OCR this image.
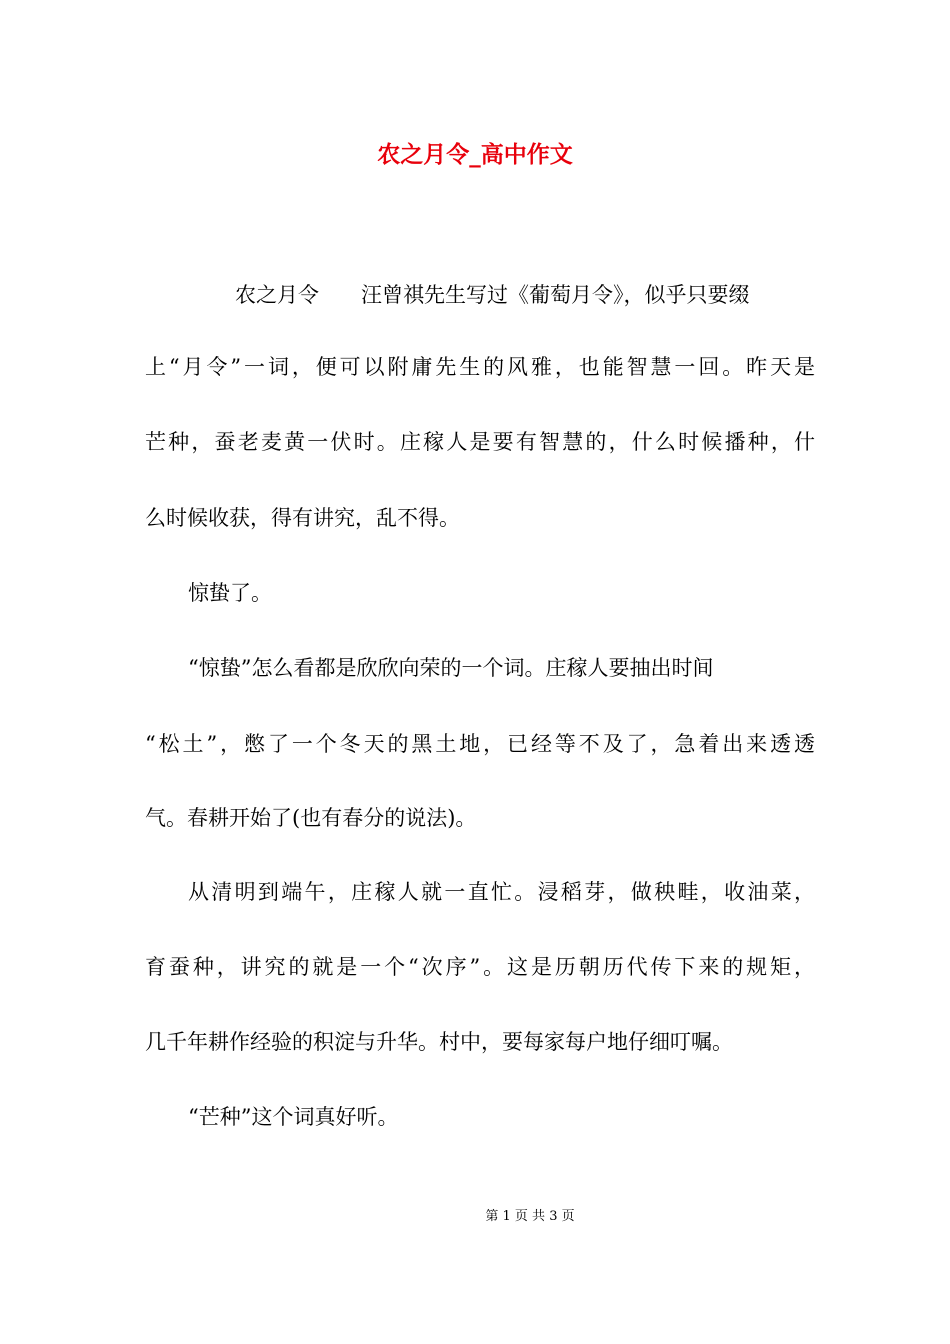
农之月令_高中作文
农之月令　　汪曾祺先生写过《葡萄月令》，似乎只要缀
上“月令”一词，便可以附庸先生的风雅，也能智慧一回。昨天是
芒种，蚕老麦黄一伏时。庄稼人是要有智慧的，什么时候播种，什
么时候收获，得有讲究，乱不得。
惊蛰了。
“惊蛰”怎么看都是欣欣向荣的一个词。庄稼人要抽出时间
“松土”，憋了一个冬天的黑土地，已经等不及了，急着出来透透
气。春耕开始了(也有春分的说法)。
从清明到端午，庄稼人就一直忙。浸稻芽，做秧畦，收油菜，
育蚕种，讲究的就是一个“次序”。这是历朝历代传下来的规矩，
几千年耕作经验的积淀与升华。村中，要每家每户地仔细叮嘱。
“芒种”这个词真好听。
第 1 页 共 3 页
